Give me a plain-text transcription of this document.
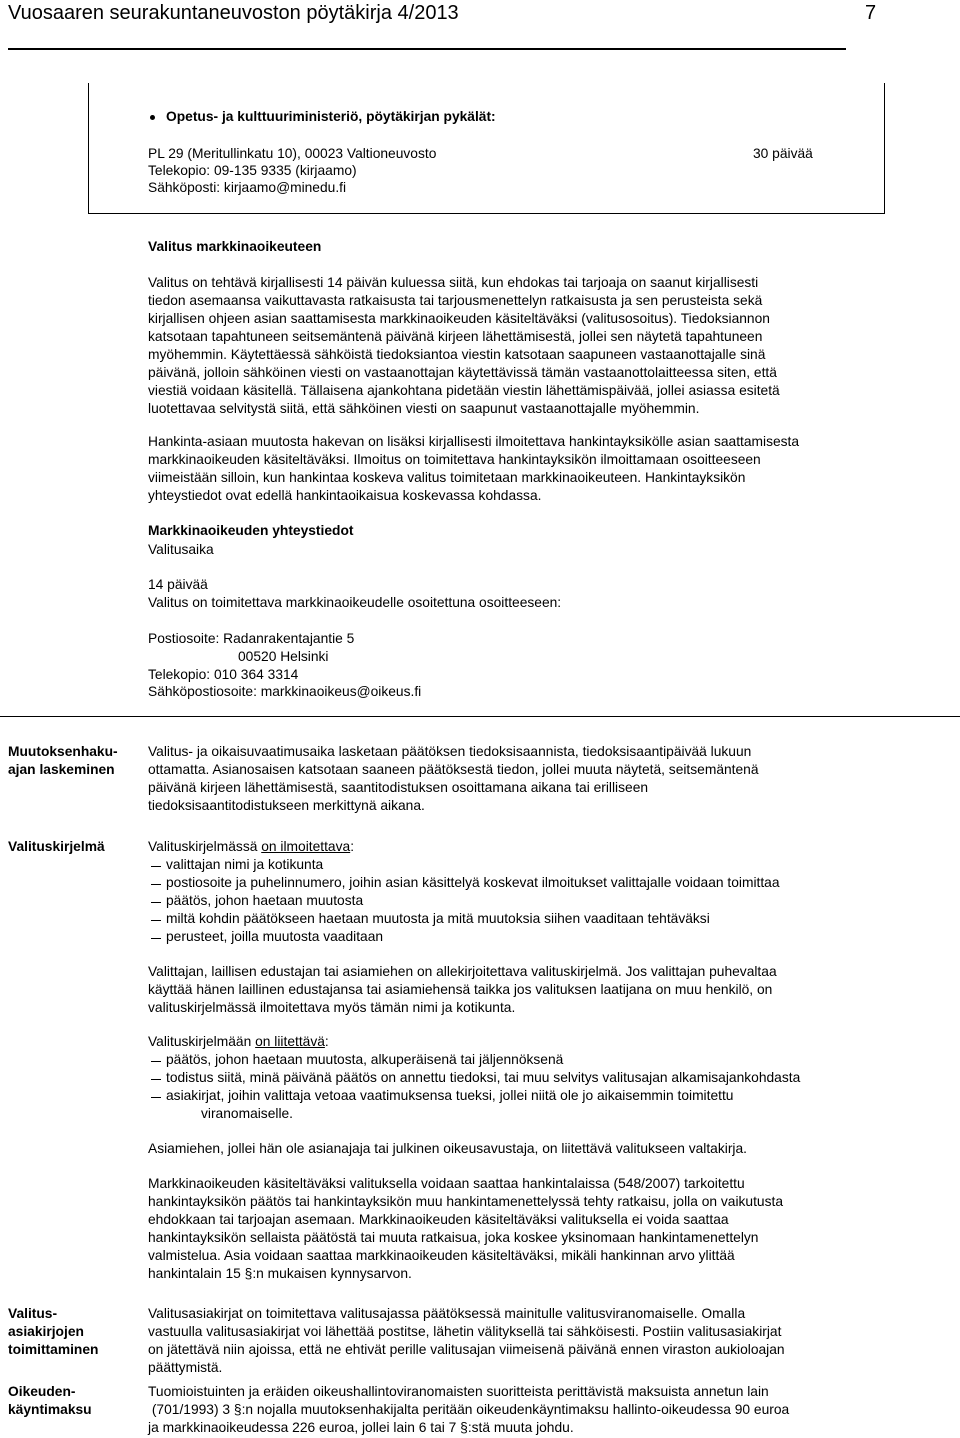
Vuosaaren seurakuntaneuvoston pöytäkirja 4/2013	7
Opetus- ja kulttuuriministeriö, pöytäkirjan pykälät:
PL 29 (Meritullinkatu 10), 00023 Valtioneuvosto
Telekopio: 09-135 9335 (kirjaamo)
Sähköposti: kirjaamo@minedu.fi
30 päivää
Valitus markkinaoikeuteen
Valitus on tehtävä kirjallisesti 14 päivän kuluessa siitä, kun ehdokas tai tarjoaja on saanut kirjallisesti
tiedon asemaansa vaikuttavasta ratkaisusta tai tarjousmenettelyn ratkaisusta ja sen perusteista sekä
kirjallisen ohjeen asian saattamisesta markkinaoikeuden käsiteltäväksi (valitusosoitus). Tiedoksiannon
katsotaan tapahtuneen seitsemäntenä päivänä kirjeen lähettämisestä, jollei sen näytetä tapahtuneen
myöhemmin. Käytettäessä sähköistä tiedoksiantoa viestin katsotaan saapuneen vastaanottajalle sinä
päivänä, jolloin sähköinen viesti on vastaanottajan käytettävissä tämän vastaanottolaitteessa siten, että
viestiä voidaan käsitellä. Tällaisena ajankohtana pidetään viestin lähettämispäivää, jollei asiassa esitetä
luotettavaa selvitystä siitä, että sähköinen viesti on saapunut vastaanottajalle myöhemmin.
Hankinta-asiaan muutosta hakevan on lisäksi kirjallisesti ilmoitettava hankintayksikölle asian saattamisesta
markkinaoikeuden käsiteltäväksi. Ilmoitus on toimitettava hankintayksikön ilmoittamaan osoitteeseen
viimeistään silloin, kun hankintaa koskeva valitus toimitetaan markkinaoikeuteen. Hankintayksikön
yhteystiedot ovat edellä hankintaoikaisua koskevassa kohdassa.
Markkinaoikeuden yhteystiedot
Valitusaika
14 päivää
Valitus on toimitettava markkinaoikeudelle osoitettuna osoitteeseen:
Postiosoite: Radanrakentajantie 5
00520 Helsinki
Telekopio: 010 364 3314
Sähköpostiosoite: markkinaoikeus@oikeus.fi
Muutoksenhaku-
ajan laskeminen
Valitus- ja oikaisuvaatimusaika lasketaan päätöksen tiedoksisaannista, tiedoksisaantipäivää lukuun
ottamatta. Asianosaisen katsotaan saaneen päätöksestä tiedon, jollei muuta näytetä, seitsemäntenä
päivänä kirjeen lähettämisestä, saantitodistuksen osoittamana aikana tai erilliseen
tiedoksisaantitodistukseen merkittynä aikana.
Valituskirjelmä	Valituskirjelmässä on ilmoitettava:
valittajan nimi ja kotikunta
postiosoite ja puhelinnumero, joihin asian käsittelyä koskevat ilmoitukset valittajalle voidaan toimittaa
päätös, johon haetaan muutosta
miltä kohdin päätökseen haetaan muutosta ja mitä muutoksia siihen vaaditaan tehtäväksi
perusteet, joilla muutosta vaaditaan
Valittajan, laillisen edustajan tai asiamiehen on allekirjoitettava valituskirjelmä. Jos valittajan puhevaltaa
käyttää hänen laillinen edustajansa tai asiamiehensä taikka jos valituksen laatijana on muu henkilö, on
valituskirjelmässä ilmoitettava myös tämän nimi ja kotikunta.
Valituskirjelmään on liitettävä:
päätös, johon haetaan muutosta, alkuperäisenä tai jäljennöksenä
todistus siitä, minä päivänä päätös on annettu tiedoksi, tai muu selvitys valitusajan alkamisajankohdasta
asiakirjat, joihin valittaja vetoaa vaatimuksensa tueksi, jollei niitä ole jo aikaisemmin toimitettu
viranomaiselle.
Asiamiehen, jollei hän ole asianajaja tai julkinen oikeusavustaja, on liitettävä valitukseen valtakirja.
Markkinaoikeuden käsiteltäväksi valituksella voidaan saattaa hankintalaissa (548/2007) tarkoitettu
hankintayksikön päätös tai hankintayksikön muu hankintamenettelyssä tehty ratkaisu, jolla on vaikutusta
ehdokkaan tai tarjoajan asemaan. Markkinaoikeuden käsiteltäväksi valituksella ei voida saattaa
hankintayksikön sellaista päätöstä tai muuta ratkaisua, joka koskee yksinomaan hankintamenettelyn
valmistelua. Asia voidaan saattaa markkinaoikeuden käsiteltäväksi, mikäli hankinnan arvo ylittää
hankintalain 15 §:n mukaisen kynnysarvon.
Valitus-
asiakirjojen
toimittaminen
Valitusasiakirjat on toimitettava valitusajassa päätöksessä mainitulle valitusviranomaiselle. Omalla
vastuulla valitusasiakirjat voi lähettää postitse, lähetin välityksellä tai sähköisesti. Postiin valitusasiakirjat
on jätettävä niin ajoissa, että ne ehtivät perille valitusajan viimeisenä päivänä ennen viraston aukioloajan
päättymistä.
Oikeuden-
käyntimaksu
Tuomioistuinten ja eräiden oikeushallintoviranomaisten suoritteista perittävistä maksuista annetun lain
(701/1993) 3 §:n nojalla muutoksenhakijalta peritään oikeudenkäyntimaksu hallinto-oikeudessa 90 euroa
ja markkinaoikeudessa 226 euroa, jollei lain 6 tai 7 §:stä muuta johdu.
